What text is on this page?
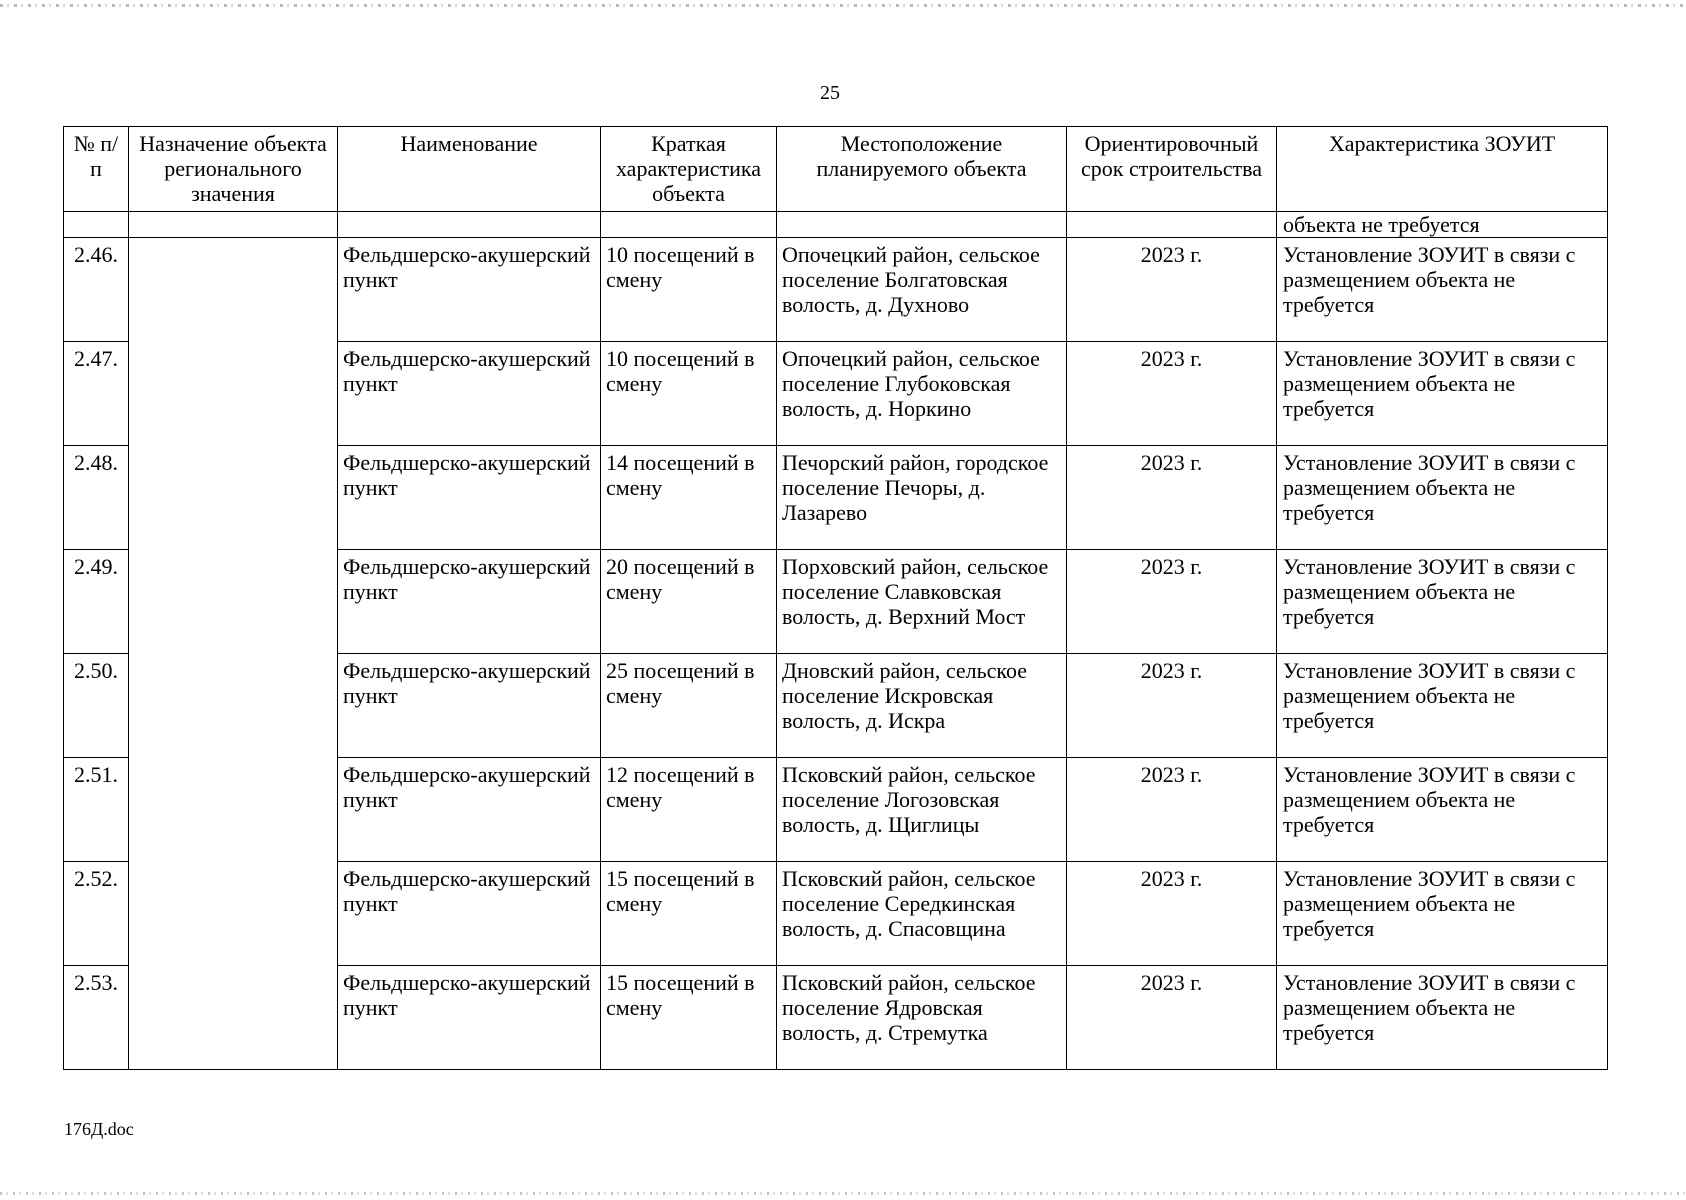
25
№ п/п	Назначение объекта регионального значения	Наименование	Краткая характеристика объекта	Местоположение планируемого объекта	Ориентировочный срок строительства	Характеристика ЗОУИТ
						объекта не требуется
2.46.		Фельдшерско-акушерский пункт	10 посещений в смену	Опочецкий район, сельское поселение Болгатовская волость, д. Духново	2023 г.	Установление ЗОУИТ в связи с размещением объекта не требуется
2.47.		Фельдшерско-акушерский пункт	10 посещений в смену	Опочецкий район, сельское поселение Глубоковская волость, д. Норкино	2023 г.	Установление ЗОУИТ в связи с размещением объекта не требуется
2.48.		Фельдшерско-акушерский пункт	14 посещений в смену	Печорский район, городское поселение Печоры, д. Лазарево	2023 г.	Установление ЗОУИТ в связи с размещением объекта не требуется
2.49.		Фельдшерско-акушерский пункт	20 посещений в смену	Порховский район, сельское поселение Славковская волость, д. Верхний Мост	2023 г.	Установление ЗОУИТ в связи с размещением объекта не требуется
2.50.		Фельдшерско-акушерский пункт	25 посещений в смену	Дновский район, сельское поселение Искровская волость, д. Искра	2023 г.	Установление ЗОУИТ в связи с размещением объекта не требуется
2.51.		Фельдшерско-акушерский пункт	12 посещений в смену	Псковский район, сельское поселение Логозовская волость, д. Щиглицы	2023 г.	Установление ЗОУИТ в связи с размещением объекта не требуется
2.52.		Фельдшерско-акушерский пункт	15 посещений в смену	Псковский район, сельское поселение Середкинская волость, д. Спасовщина	2023 г.	Установление ЗОУИТ в связи с размещением объекта не требуется
2.53.		Фельдшерско-акушерский пункт	15 посещений в смену	Псковский район, сельское поселение Ядровская волость, д. Стремутка	2023 г.	Установление ЗОУИТ в связи с размещением объекта не требуется
176Д.doc
